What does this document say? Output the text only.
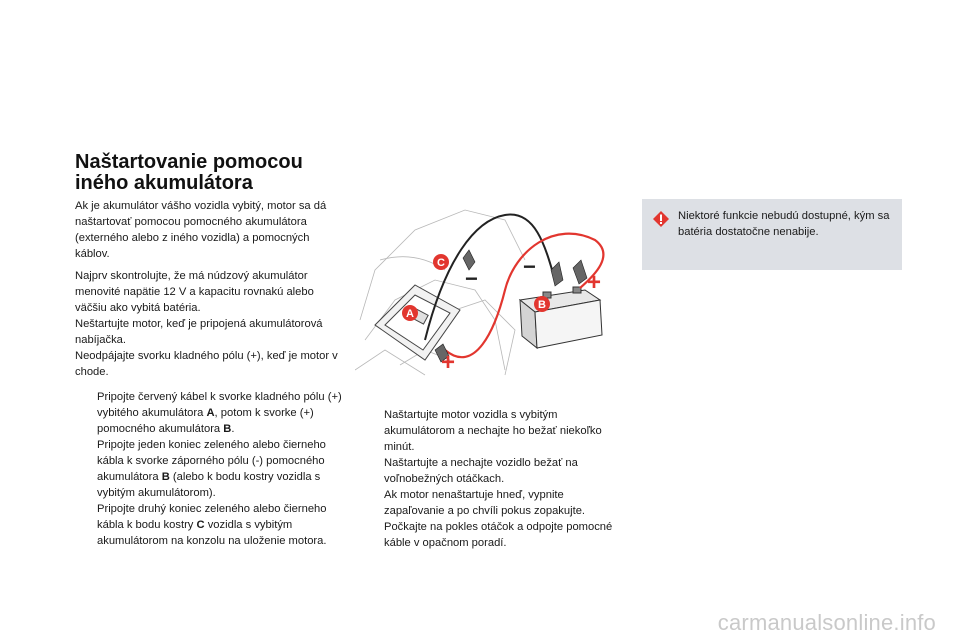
Naštartovanie pomocou
iného akumulátora

Ak je akumulátor vášho vozidla vybitý, motor sa dá naštartovať pomocou pomocného akumulátora (externého alebo z iného vozidla) a pomocných káblov.

Najprv skontrolujte, že má núdzový akumulátor menovité napätie 12 V a kapacitu rovnakú alebo väčšiu ako vybitá batéria.
Neštartujte motor, keď je pripojená akumulátorová nabíjačka.
Neodpájajte svorku kladného pólu (+), keď je motor v chode.

Pripojte červený kábel k svorke kladného pólu (+) vybitého akumulátora A, potom k svorke (+) pomocného akumulátora B.
Pripojte jeden koniec zeleného alebo čierneho kábla k svorke záporného pólu (-) pomocného akumulátora B (alebo k bodu kostry vozidla s vybitým akumulátorom).
Pripojte druhý koniec zeleného alebo čierneho kábla k bodu kostry C vozidla s vybitým akumulátorom na konzolu na uloženie motora.
A
B
C
− −
+
+
Naštartujte motor vozidla s vybitým akumulátorom a nechajte ho bežať niekoľko minút.
Naštartujte a nechajte vozidlo bežať na voľnobežných otáčkach.
Ak motor nenaštartuje hneď, vypnite zapaľovanie a po chvíli pokus zopakujte.
Počkajte na pokles otáčok a odpojte pomocné káble v opačnom poradí.

Niektoré funkcie nebudú dostupné, kým sa batéria dostatočne nenabije.

carmanualsonline.info
